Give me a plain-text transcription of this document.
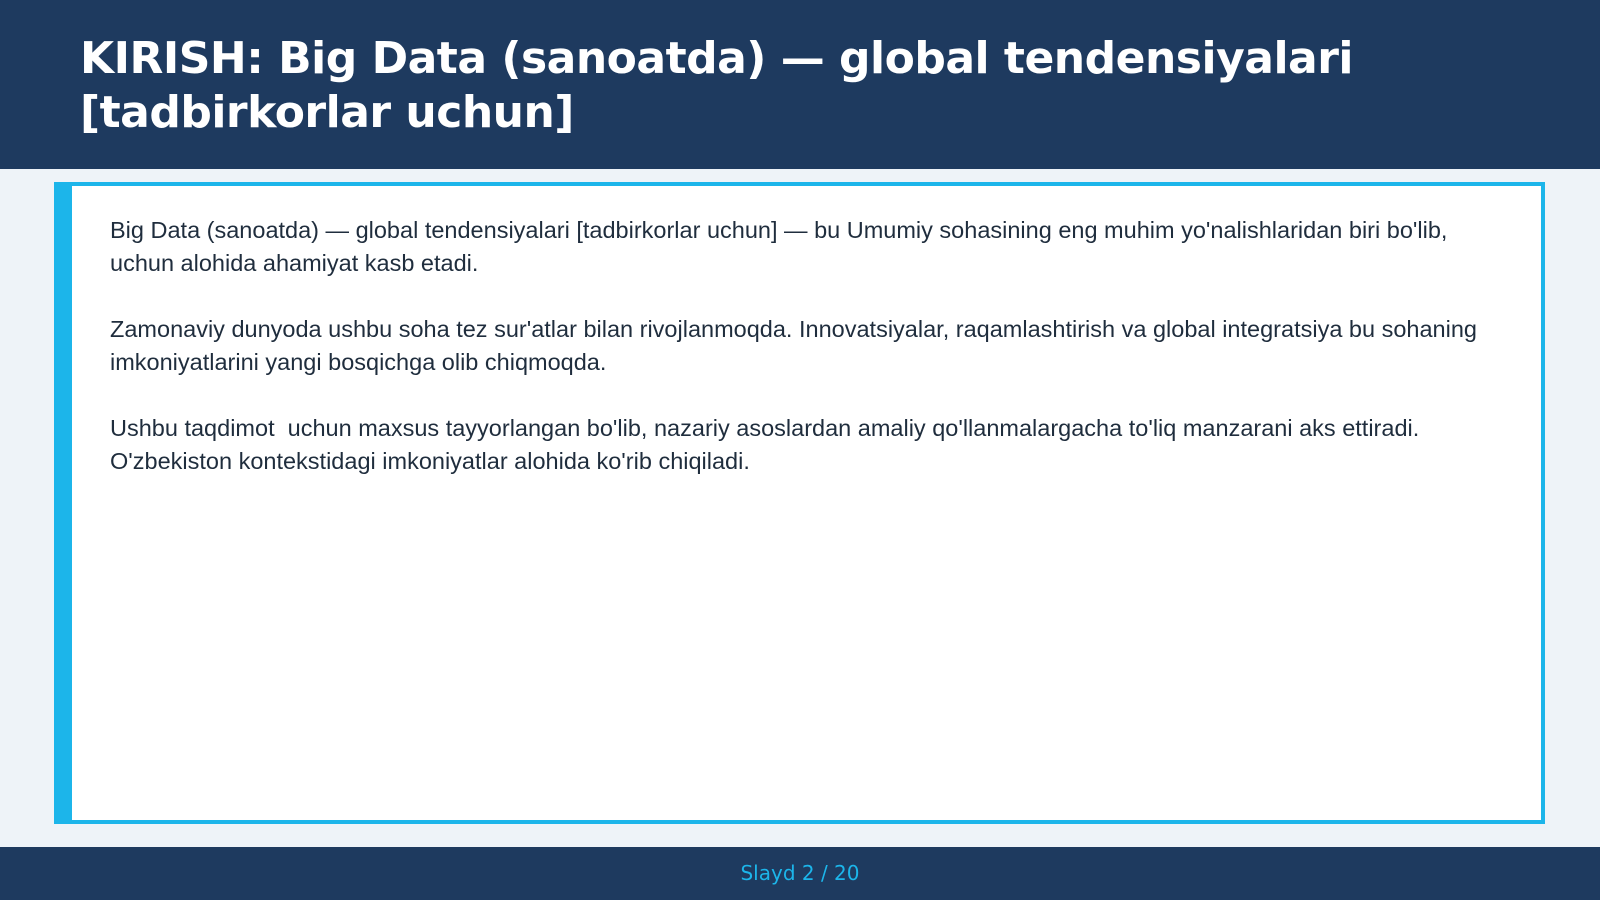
KIRISH: Big Data (sanoatda) — global tendensiyalari [tadbirkorlar uchun]

Big Data (sanoatda) — global tendensiyalari [tadbirkorlar uchun] — bu Umumiy sohasining eng muhim yo'nalishlaridan biri bo'lib,  uchun alohida ahamiyat kasb etadi.

Zamonaviy dunyoda ushbu soha tez sur'atlar bilan rivojlanmoqda. Innovatsiyalar, raqamlashtirish va global integratsiya bu sohaning imkoniyatlarini yangi bosqichga olib chiqmoqda.

Ushbu taqdimot  uchun maxsus tayyorlangan bo'lib, nazariy asoslardan amaliy qo'llanmalargacha to'liq manzarani aks ettiradi. O'zbekiston kontekstidagi imkoniyatlar alohida ko'rib chiqiladi.

Slayd 2 / 20
